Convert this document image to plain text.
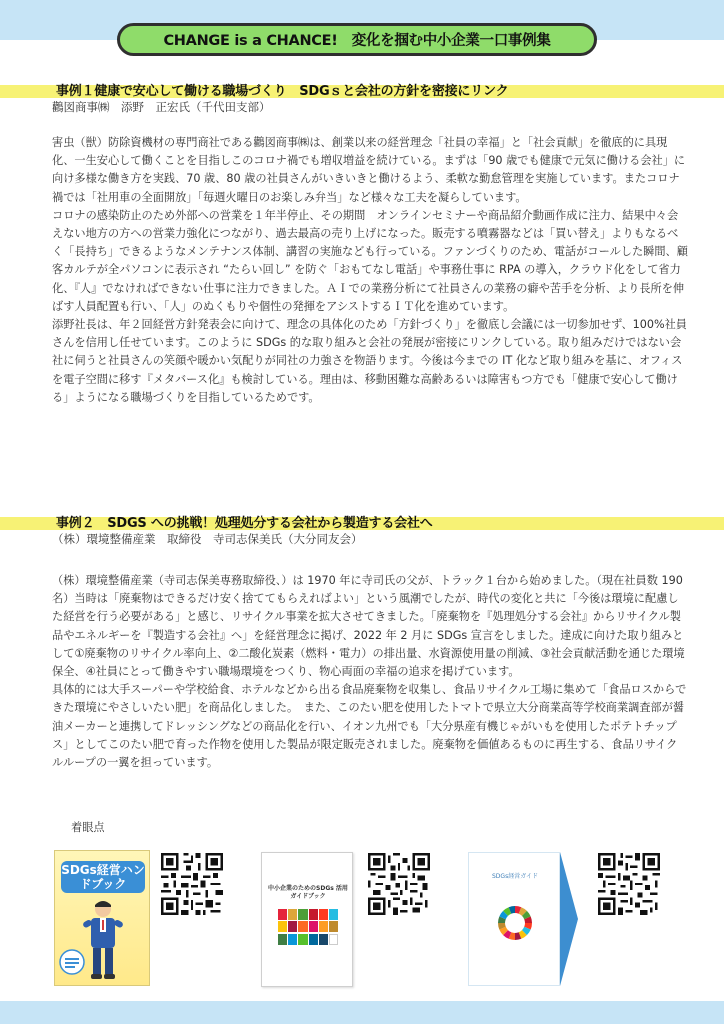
CHANGE is a CHANCE!　変化を掴む中小企業一口事例集
事例１健康で安心して働ける職場づくり　SDGｓと会社の方針を密接にリンク
鸛図商事㈱　添野　正宏氏（千代田支部）

害虫（獣）防除資機材の専門商社である鸛図商事㈱は、創業以来の経営理念「社員の幸福」と「社会貢献」を徹底的に具現化、一生安心して働くことを目指しこのコロナ禍でも増収増益を続けている。まずは「90 歳でも健康で元気に働ける会社」に向け多様な働き方を実践、70 歳、80 歳の社員さんがいきいきと働けるよう、柔軟な勤怠管理を実施しています。またコロナ禍では「社用車の全面開放」「毎週火曜日のお楽しみ弁当」など様々な工夫を凝らしています。

コロナの感染防止のため外部への営業を１年半停止、その期間　オンラインセミナーや商品紹介動画作成に注力、結果中々会えない地方の方への営業力強化につながり、過去最高の売り上げになった。販売する噴霧器などは「買い替え」よりもなるべく「長持ち」できるようなメンテナンス体制、講習の実施なども行っている。ファンづくりのため、電話がコールした瞬間、顧客カルテが全パソコンに表示され “たらい回し” を防ぐ「おもてなし電話」や事務仕事に RPA の導入，クラウド化をして省力化、『人』でなければできない仕事に注力できました。ＡＩでの業務分析にて社員さんの業務の癖や苦手を分析、より長所を伸ばす人員配置も行い、「人」のぬくもりや個性の発揮をアシストするＩＴ化を進めています。

添野社長は、年２回経営方針発表会に向けて、理念の具体化のため「方針づくり」を徹底し会議には一切参加せず、100%社員さんを信用し任せています。このように SDGs 的な取り組みと会社の発展が密接にリンクしている。取り組みだけではない会社に伺うと社員さんの笑顔や暖かい気配りが同社の力強さを物語ります。今後は今までの IT 化など取り組みを基に、オフィスを電子空間に移す『メタバース化』も検討している。理由は、移動困難な高齢あるいは障害もつ方でも「健康で安心して働ける」ようになる職場づくりを目指しているためです。

事例２　SDGS への挑戦！処理処分する会社から製造する会社へ
（株）環境整備産業　取締役　寺司志保美氏（大分同友会）

（株）環境整備産業（寺司志保美専務取締役、）は 1970 年に寺司氏の父が、トラック１台から始めました。（現在社員数 190 名）当時は「廃棄物はできるだけ安く捨ててもらえればよい」という風潮でしたが、時代の変化と共に「今後は環境に配慮した経営を行う必要がある」と感じ、リサイクル事業を拡大させてきました。「廃棄物を『処理処分する会社』からリサイクル製品やエネルギーを『製造する会社』へ」を経営理念に掲げ、2022 年 2 月に SDGs 宣言をしました。達成に向けた取り組みとして①廃棄物のリサイクル率向上、②二酸化炭素（燃料・電力）の排出量、水資源使用量の削減、③社会貢献活動を通じた環境保全、④社員にとって働きやすい職場環境をつくり、物心両面の幸福の追求を掲げています。

具体的には大手スーパーや学校給食、ホテルなどから出る食品廃棄物を収集し、食品リサイクル工場に集めて「食品ロスからできた環境にやさしいたい肥」を商品化しました。　また、このたい肥を使用したトマトで県立大分商業高等学校商業調査部が醤油メーカーと連携してドレッシングなどの商品化を行い、イオン九州でも「大分県産有機じゃがいもを使用したポテトチップス」としてこのたい肥で育った作物を使用した製品が限定販売されました。廃棄物を価値あるものに再生する、食品リサイクルループの一翼を担っています。

着眼点
SDGs経営ハンドブック	中小企業のためのSDGs 活用ガイドブック
SDGs経営ガイド
